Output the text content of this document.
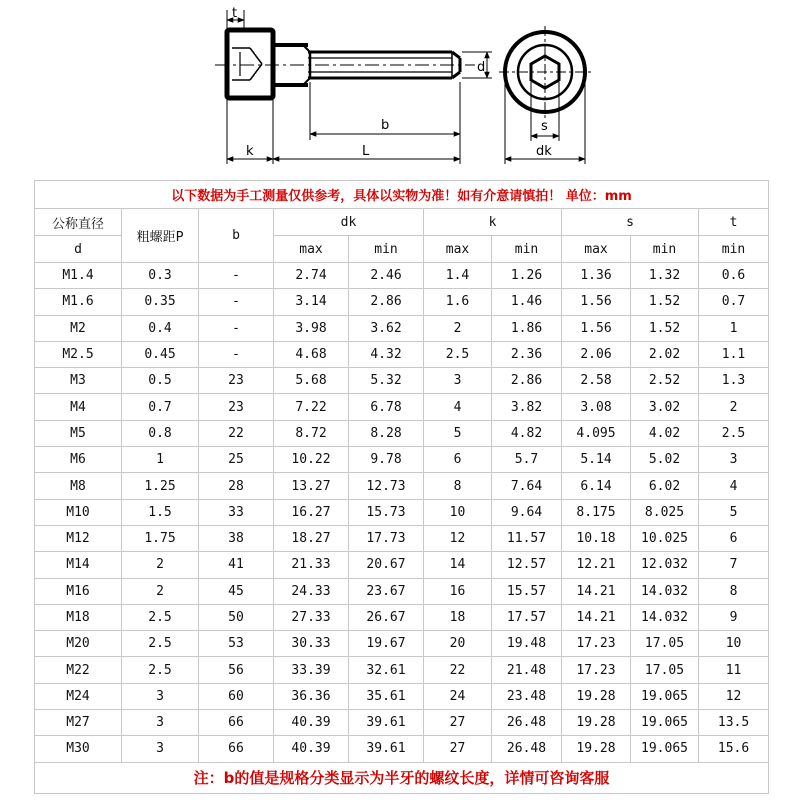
t
d
b
k	L
s
dk
以下数据为手工测量仅供参考，具体以实物为准！如有介意请慎拍！ 单位：mm									
公称直径	粗螺距P	b	dk		k		s		t
d			max	min	max	min	max	min	min
M1.4	0.3	-	2.74	2.46	1.4	1.26	1.36	1.32	0.6
M1.6	0.35	-	3.14	2.86	1.6	1.46	1.56	1.52	0.7
M2	0.4	-	3.98	3.62	2	1.86	1.56	1.52	1
M2.5	0.45	-	4.68	4.32	2.5	2.36	2.06	2.02	1.1
M3	0.5	23	5.68	5.32	3	2.86	2.58	2.52	1.3
M4	0.7	23	7.22	6.78	4	3.82	3.08	3.02	2
M5	0.8	22	8.72	8.28	5	4.82	4.095	4.02	2.5
M6	1	25	10.22	9.78	6	5.7	5.14	5.02	3
M8	1.25	28	13.27	12.73	8	7.64	6.14	6.02	4
M10	1.5	33	16.27	15.73	10	9.64	8.175	8.025	5
M12	1.75	38	18.27	17.73	12	11.57	10.18	10.025	6
M14	2	41	21.33	20.67	14	12.57	12.21	12.032	7
M16	2	45	24.33	23.67	16	15.57	14.21	14.032	8
M18	2.5	50	27.33	26.67	18	17.57	14.21	14.032	9
M20	2.5	53	30.33	19.67	20	19.48	17.23	17.05	10
M22	2.5	56	33.39	32.61	22	21.48	17.23	17.05	11
M24	3	60	36.36	35.61	24	23.48	19.28	19.065	12
M27	3	66	40.39	39.61	27	26.48	19.28	19.065	13.5
M30	3	66	40.39	39.61	27	26.48	19.28	19.065	15.6
注：b的值是规格分类显示为半牙的螺纹长度，详情可咨询客服									
